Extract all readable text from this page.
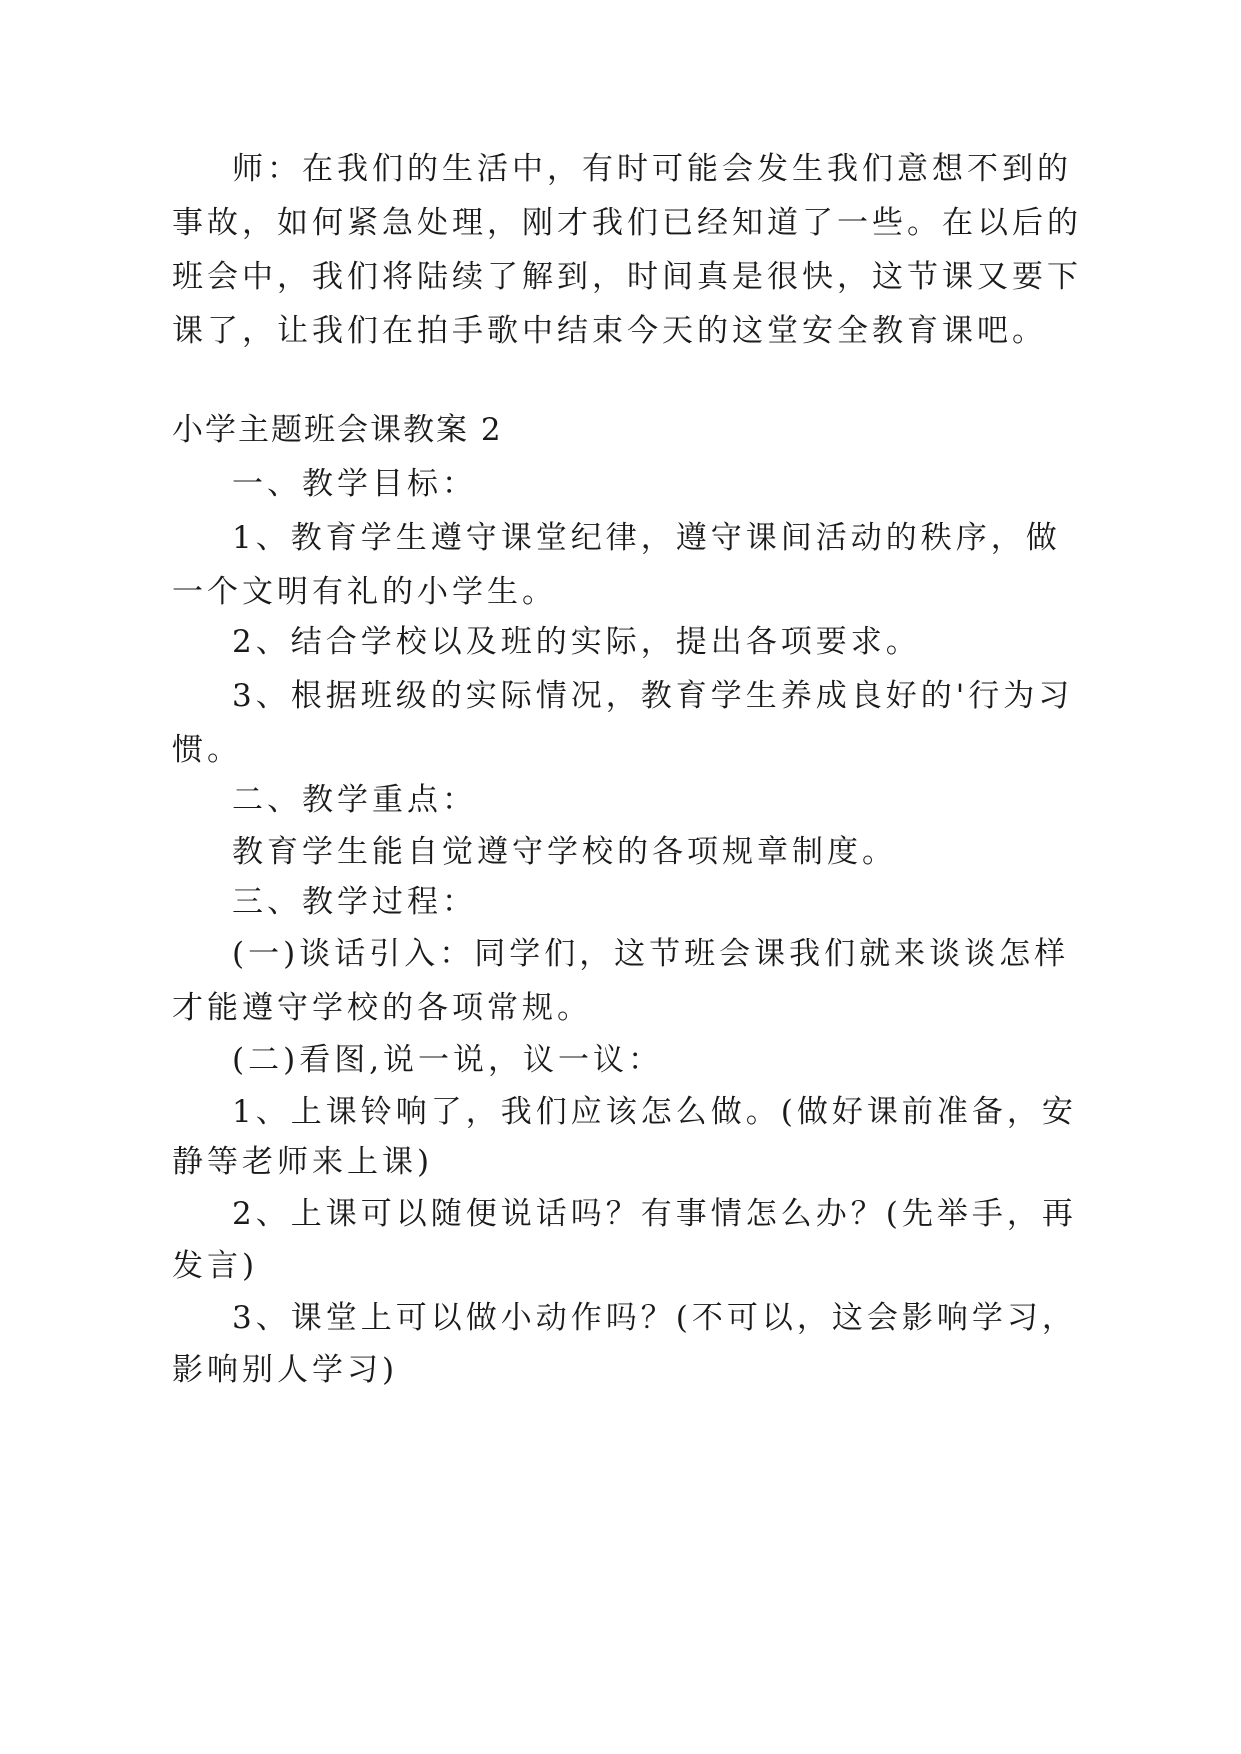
师：在我们的生活中，有时可能会发生我们意想不到的
事故，如何紧急处理，刚才我们已经知道了一些。在以后的
班会中，我们将陆续了解到，时间真是很快，这节课又要下
课了，让我们在拍手歌中结束今天的这堂安全教育课吧。
小学主题班会课教案 2
一、教学目标：
1、教育学生遵守课堂纪律，遵守课间活动的秩序，做
一个文明有礼的小学生。
2、结合学校以及班的实际，提出各项要求。
3、根据班级的实际情况，教育学生养成良好的'行为习
惯。
二、教学重点：
教育学生能自觉遵守学校的各项规章制度。
三、教学过程：
(一)谈话引入：同学们，这节班会课我们就来谈谈怎样
才能遵守学校的各项常规。
(二)看图,说一说，议一议：
1、上课铃响了，我们应该怎么做。(做好课前准备，安
静等老师来上课)
2、上课可以随便说话吗？有事情怎么办？(先举手，再
发言)
3、课堂上可以做小动作吗？(不可以，这会影响学习，
影响别人学习)
